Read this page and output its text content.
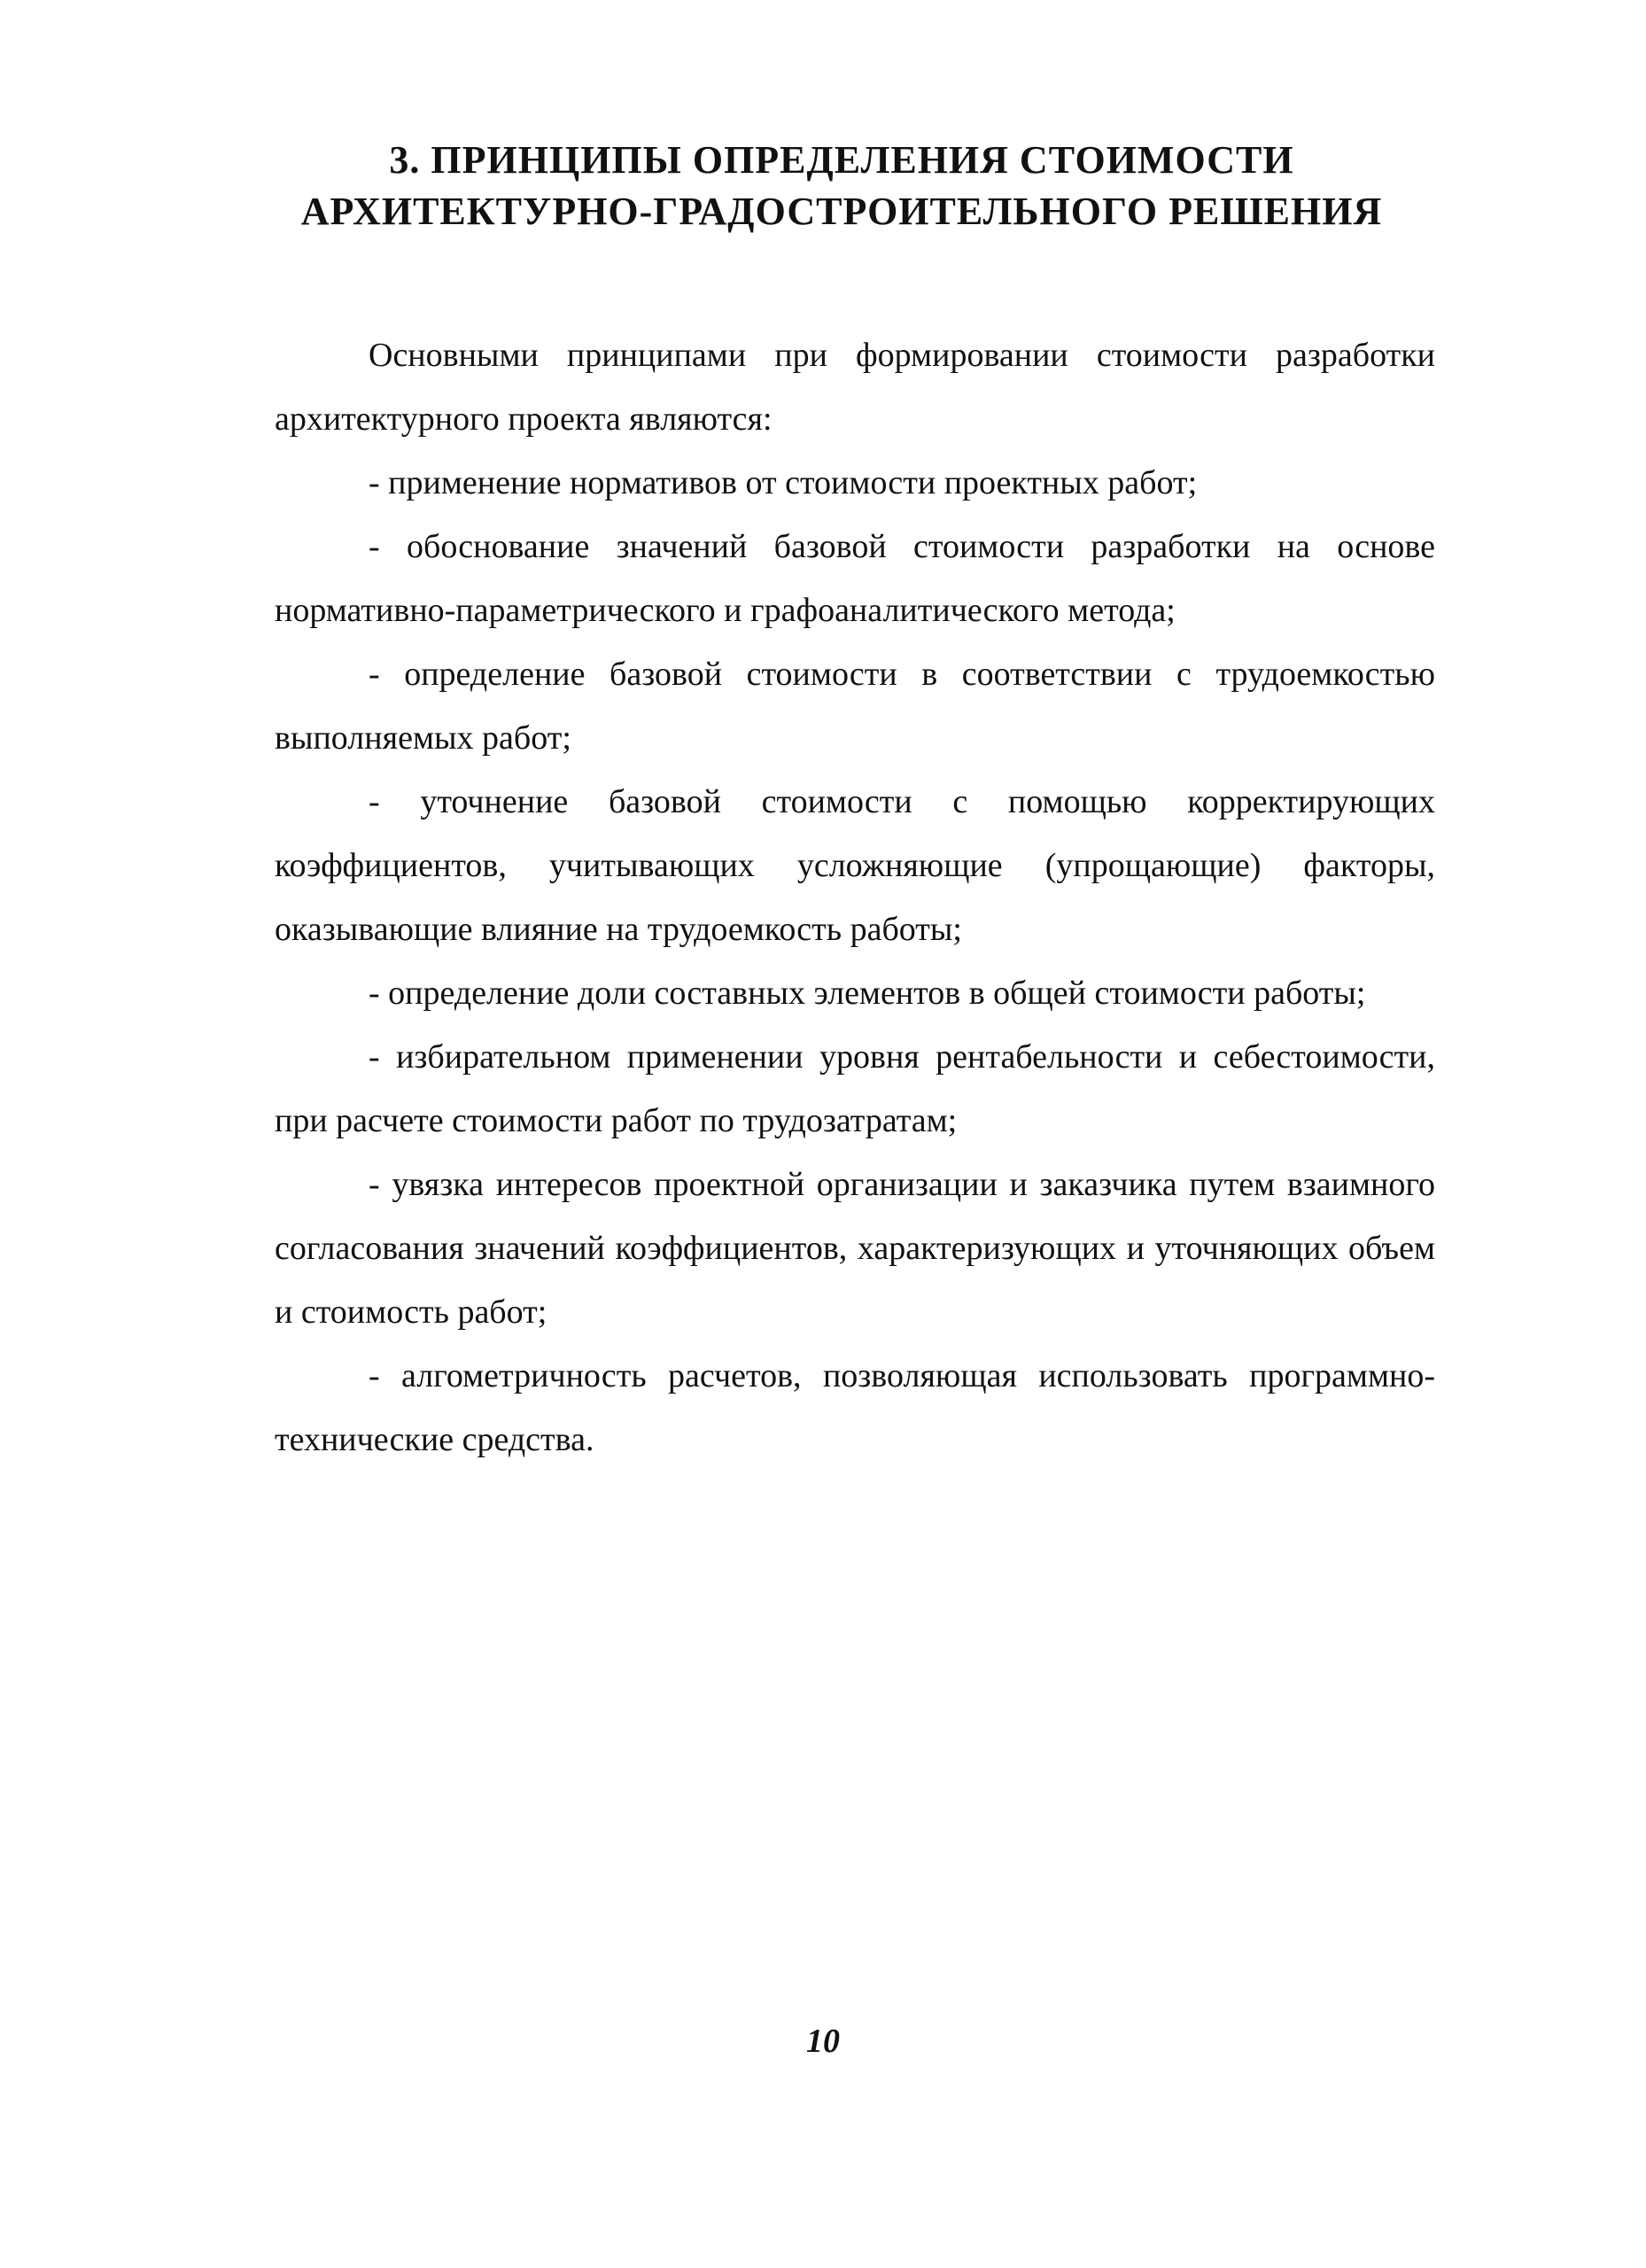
3. ПРИНЦИПЫ ОПРЕДЕЛЕНИЯ СТОИМОСТИ
АРХИТЕКТУРНО-ГРАДОСТРОИТЕЛЬНОГО РЕШЕНИЯ

Основными принципами при формировании стоимости разработки архитектурного проекта являются:

- применение нормативов от стоимости проектных работ;

- обоснование значений базовой стоимости разработки на основе нормативно-параметрического и графоаналитического метода;

- определение базовой стоимости в соответствии с трудоемкостью выполняемых работ;

- уточнение базовой стоимости с помощью корректирующих коэффициентов, учитывающих усложняющие (упрощающие) факторы, оказывающие влияние на трудоемкость работы;

- определение доли составных элементов в общей стоимости работы;

- избирательном применении уровня рентабельности и себестоимости, при расчете стоимости работ по трудозатратам;

- увязка интересов проектной организации и заказчика путем взаимного согласования значений коэффициентов, характеризующих и уточняющих объем и стоимость работ;

- алгометричность расчетов, позволяющая использовать программно-технические средства.

10
